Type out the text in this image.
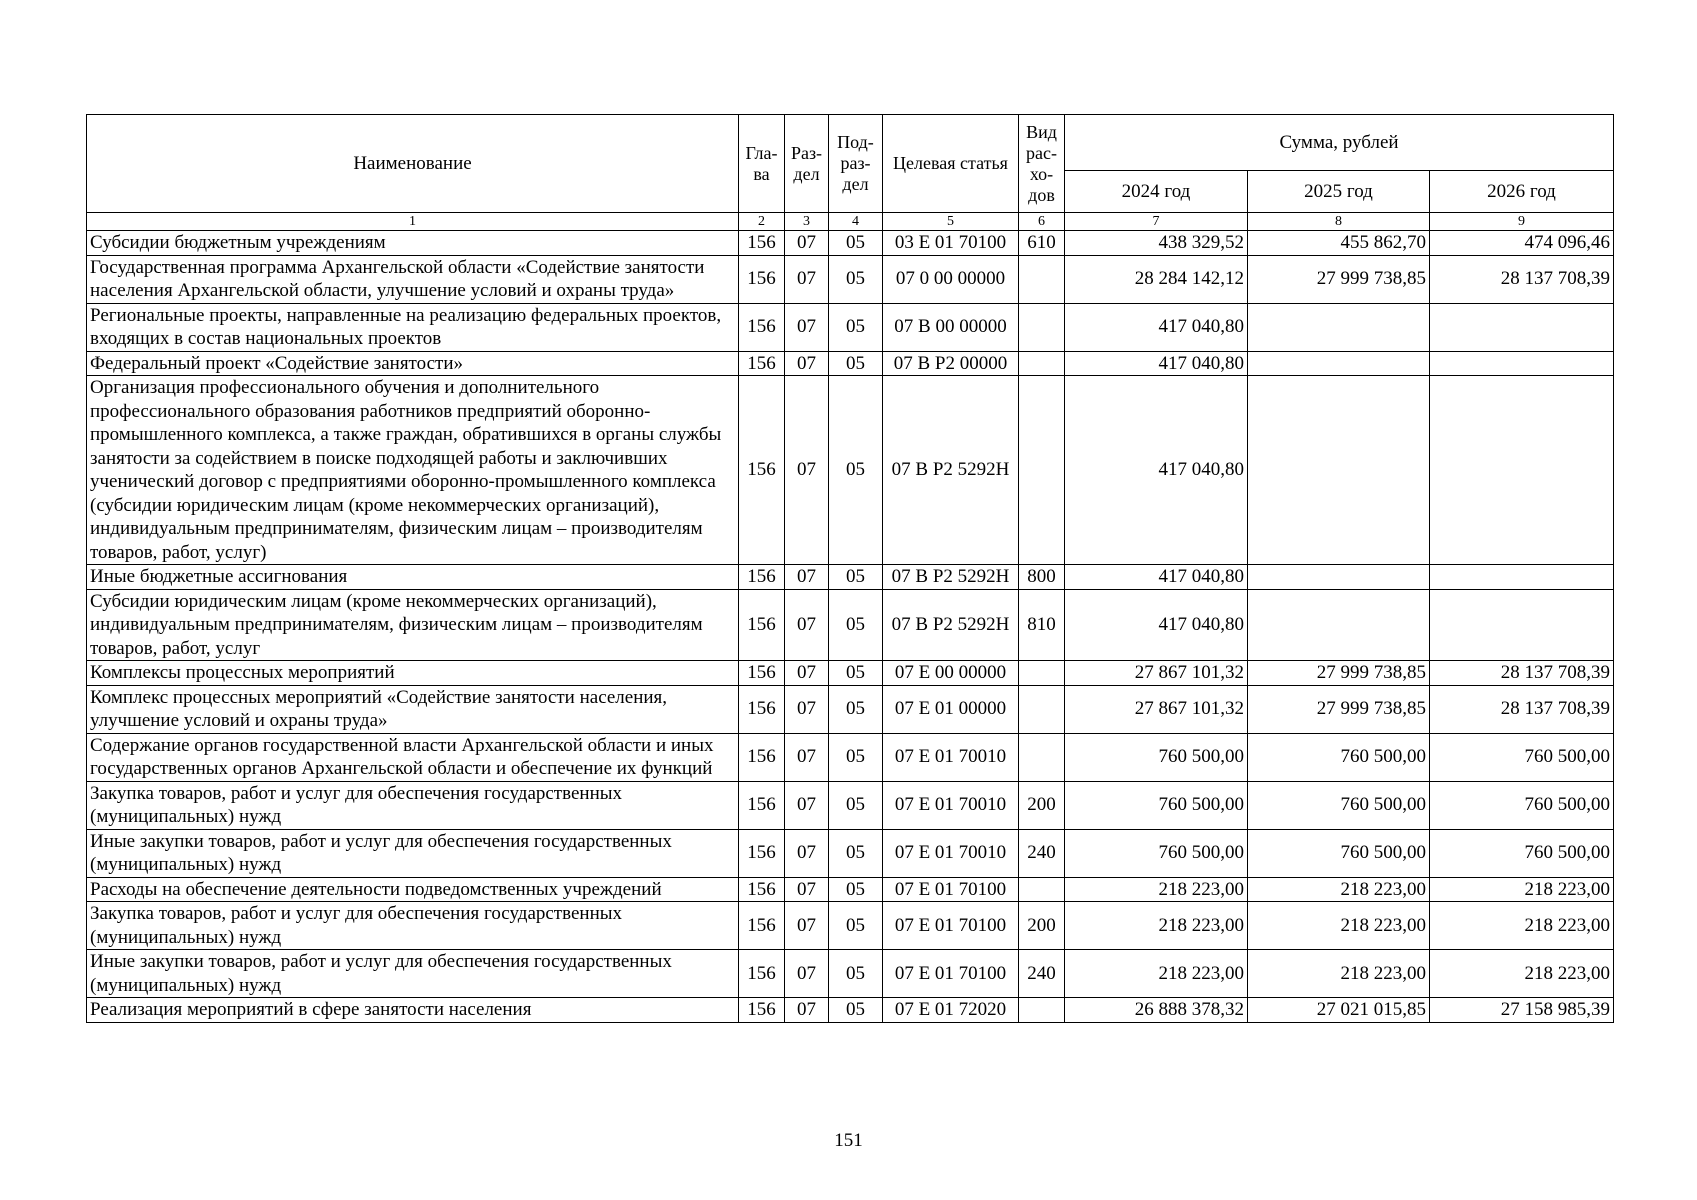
Наименование	Гла-ва	Раз-дел	Под-раз-дел	Целевая статья	Вид рас-хо-дов	Сумма, рублей		
						2024 год	2025 год	2026 год
1	2	3	4	5	6	7	8	9
Субсидии бюджетным учреждениям	156	07	05	03 Е 01 70100	610	438 329,52	455 862,70	474 096,46
Государственная программа Архангельской области «Содействие занятости населения Архангельской области, улучшение условий и охраны труда»	156	07	05	07 0 00 00000		28 284 142,12	27 999 738,85	28 137 708,39
Региональные проекты, направленные на реализацию федеральных проектов, входящих в состав национальных проектов	156	07	05	07 В 00 00000		417 040,80		
Федеральный проект «Содействие занятости»	156	07	05	07 В Р2 00000		417 040,80		
Организация профессионального обучения и дополнительного профессионального образования работников предприятий оборонно-промышленного комплекса, а также граждан, обратившихся в органы службы занятости за содействием в поиске подходящей работы и заключивших ученический договор с предприятиями оборонно-промышленного комплекса (субсидии юридическим лицам (кроме некоммерческих организаций), индивидуальным предпринимателям, физическим лицам – производителям товаров, работ, услуг)	156	07	05	07 В Р2 5292Н		417 040,80		
Иные бюджетные ассигнования	156	07	05	07 В Р2 5292Н	800	417 040,80		
Субсидии юридическим лицам (кроме некоммерческих организаций), индивидуальным предпринимателям, физическим лицам – производителям товаров, работ, услуг	156	07	05	07 В Р2 5292Н	810	417 040,80		
Комплексы процессных мероприятий	156	07	05	07 Е 00 00000		27 867 101,32	27 999 738,85	28 137 708,39
Комплекс процессных мероприятий «Содействие занятости населения, улучшение условий и охраны труда»	156	07	05	07 Е 01 00000		27 867 101,32	27 999 738,85	28 137 708,39
Содержание органов государственной власти Архангельской области и иных государственных органов Архангельской области и обеспечение их функций	156	07	05	07 Е 01 70010		760 500,00	760 500,00	760 500,00
Закупка товаров, работ и услуг для обеспечения государственных (муниципальных) нужд	156	07	05	07 Е 01 70010	200	760 500,00	760 500,00	760 500,00
Иные закупки товаров, работ и услуг для обеспечения государственных (муниципальных) нужд	156	07	05	07 Е 01 70010	240	760 500,00	760 500,00	760 500,00
Расходы на обеспечение деятельности подведомственных учреждений	156	07	05	07 Е 01 70100		218 223,00	218 223,00	218 223,00
Закупка товаров, работ и услуг для обеспечения государственных (муниципальных) нужд	156	07	05	07 Е 01 70100	200	218 223,00	218 223,00	218 223,00
Иные закупки товаров, работ и услуг для обеспечения государственных (муниципальных) нужд	156	07	05	07 Е 01 70100	240	218 223,00	218 223,00	218 223,00
Реализация мероприятий в сфере занятости населения	156	07	05	07 Е 01 72020		26 888 378,32	27 021 015,85	27 158 985,39
151
